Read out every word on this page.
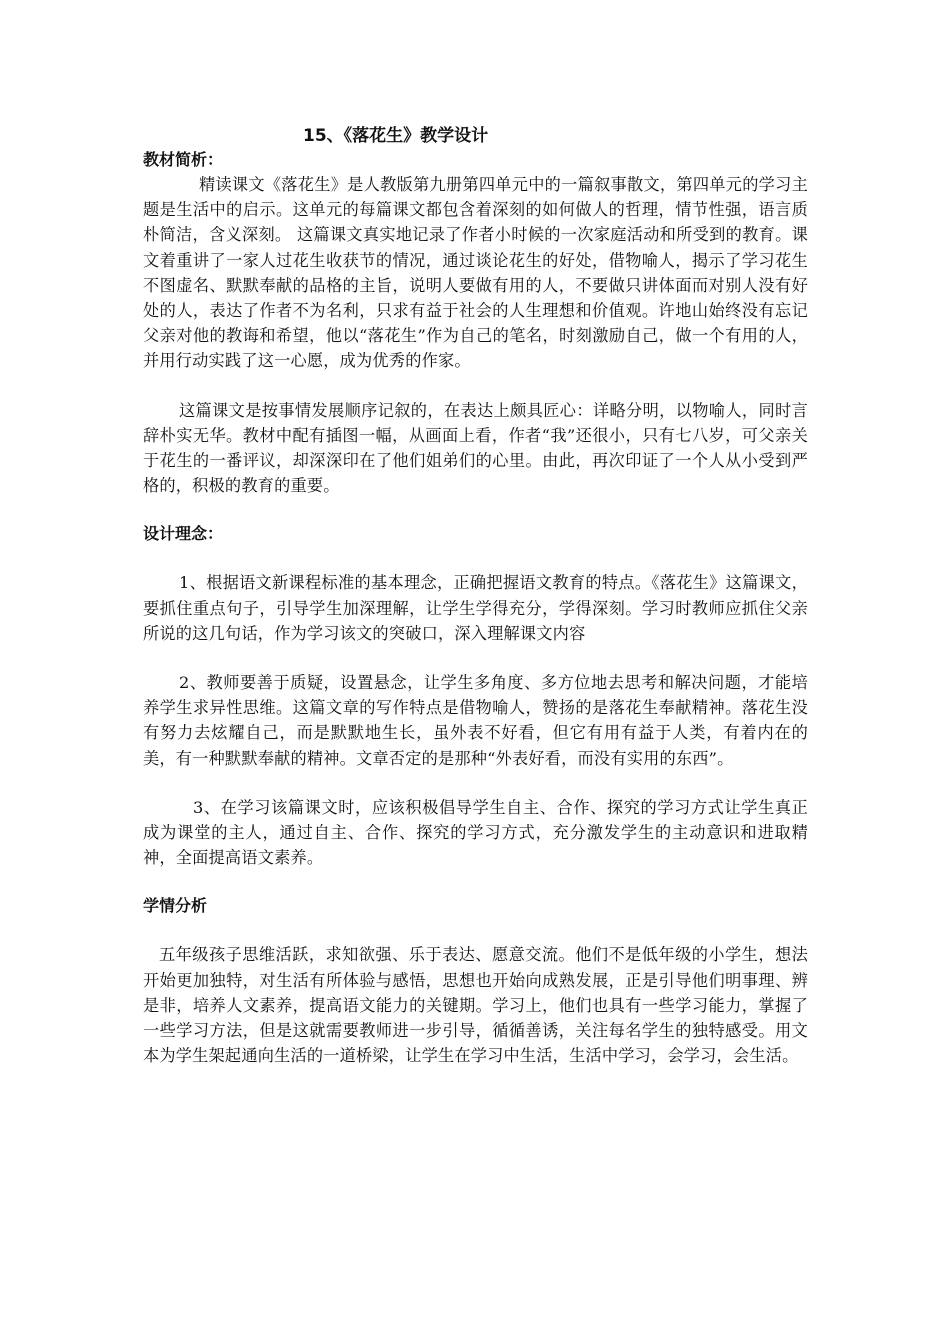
15、《落花生》教学设计

教材简析：

精读课文《落花生》是人教版第九册第四单元中的一篇叙事散文，第四单元的学习主题是生活中的启示。这单元的每篇课文都包含着深刻的如何做人的哲理，情节性强，语言质朴简洁，含义深刻。 这篇课文真实地记录了作者小时候的一次家庭活动和所受到的教育。课文着重讲了一家人过花生收获节的情况，通过谈论花生的好处，借物喻人，揭示了学习花生不图虚名、默默奉献的品格的主旨，说明人要做有用的人，不要做只讲体面而对别人没有好处的人，表达了作者不为名利，只求有益于社会的人生理想和价值观。许地山始终没有忘记父亲对他的教诲和希望，他以“落花生”作为自己的笔名，时刻激励自己，做一个有用的人，并用行动实践了这一心愿，成为优秀的作家。

这篇课文是按事情发展顺序记叙的，在表达上颇具匠心：详略分明，以物喻人，同时言辞朴实无华。教材中配有插图一幅，从画面上看，作者“我”还很小，只有七八岁，可父亲关于花生的一番评议，却深深印在了他们姐弟们的心里。由此，再次印证了一个人从小受到严格的，积极的教育的重要。

设计理念：

1、根据语文新课程标准的基本理念，正确把握语文教育的特点。《落花生》这篇课文，要抓住重点句子，引导学生加深理解，让学生学得充分，学得深刻。学习时教师应抓住父亲所说的这几句话，作为学习该文的突破口，深入理解课文内容

2、教师要善于质疑，设置悬念，让学生多角度、多方位地去思考和解决问题，才能培养学生求异性思维。这篇文章的写作特点是借物喻人，赞扬的是落花生奉献精神。落花生没有努力去炫耀自己，而是默默地生长，虽外表不好看，但它有用有益于人类，有着内在的美，有一种默默奉献的精神。文章否定的是那种“外表好看，而没有实用的东西”。

3、在学习该篇课文时，应该积极倡导学生自主、合作、探究的学习方式让学生真正成为课堂的主人，通过自主、合作、探究的学习方式，充分激发学生的主动意识和进取精神，全面提高语文素养。

学情分析

五年级孩子思维活跃，求知欲强、乐于表达、愿意交流。他们不是低年级的小学生，想法开始更加独特，对生活有所体验与感悟，思想也开始向成熟发展，正是引导他们明事理、辨是非，培养人文素养，提高语文能力的关键期。学习上，他们也具有一些学习能力，掌握了一些学习方法，但是这就需要教师进一步引导，循循善诱，关注每名学生的独特感受。用文本为学生架起通向生活的一道桥梁，让学生在学习中生活，生活中学习，会学习，会生活。
